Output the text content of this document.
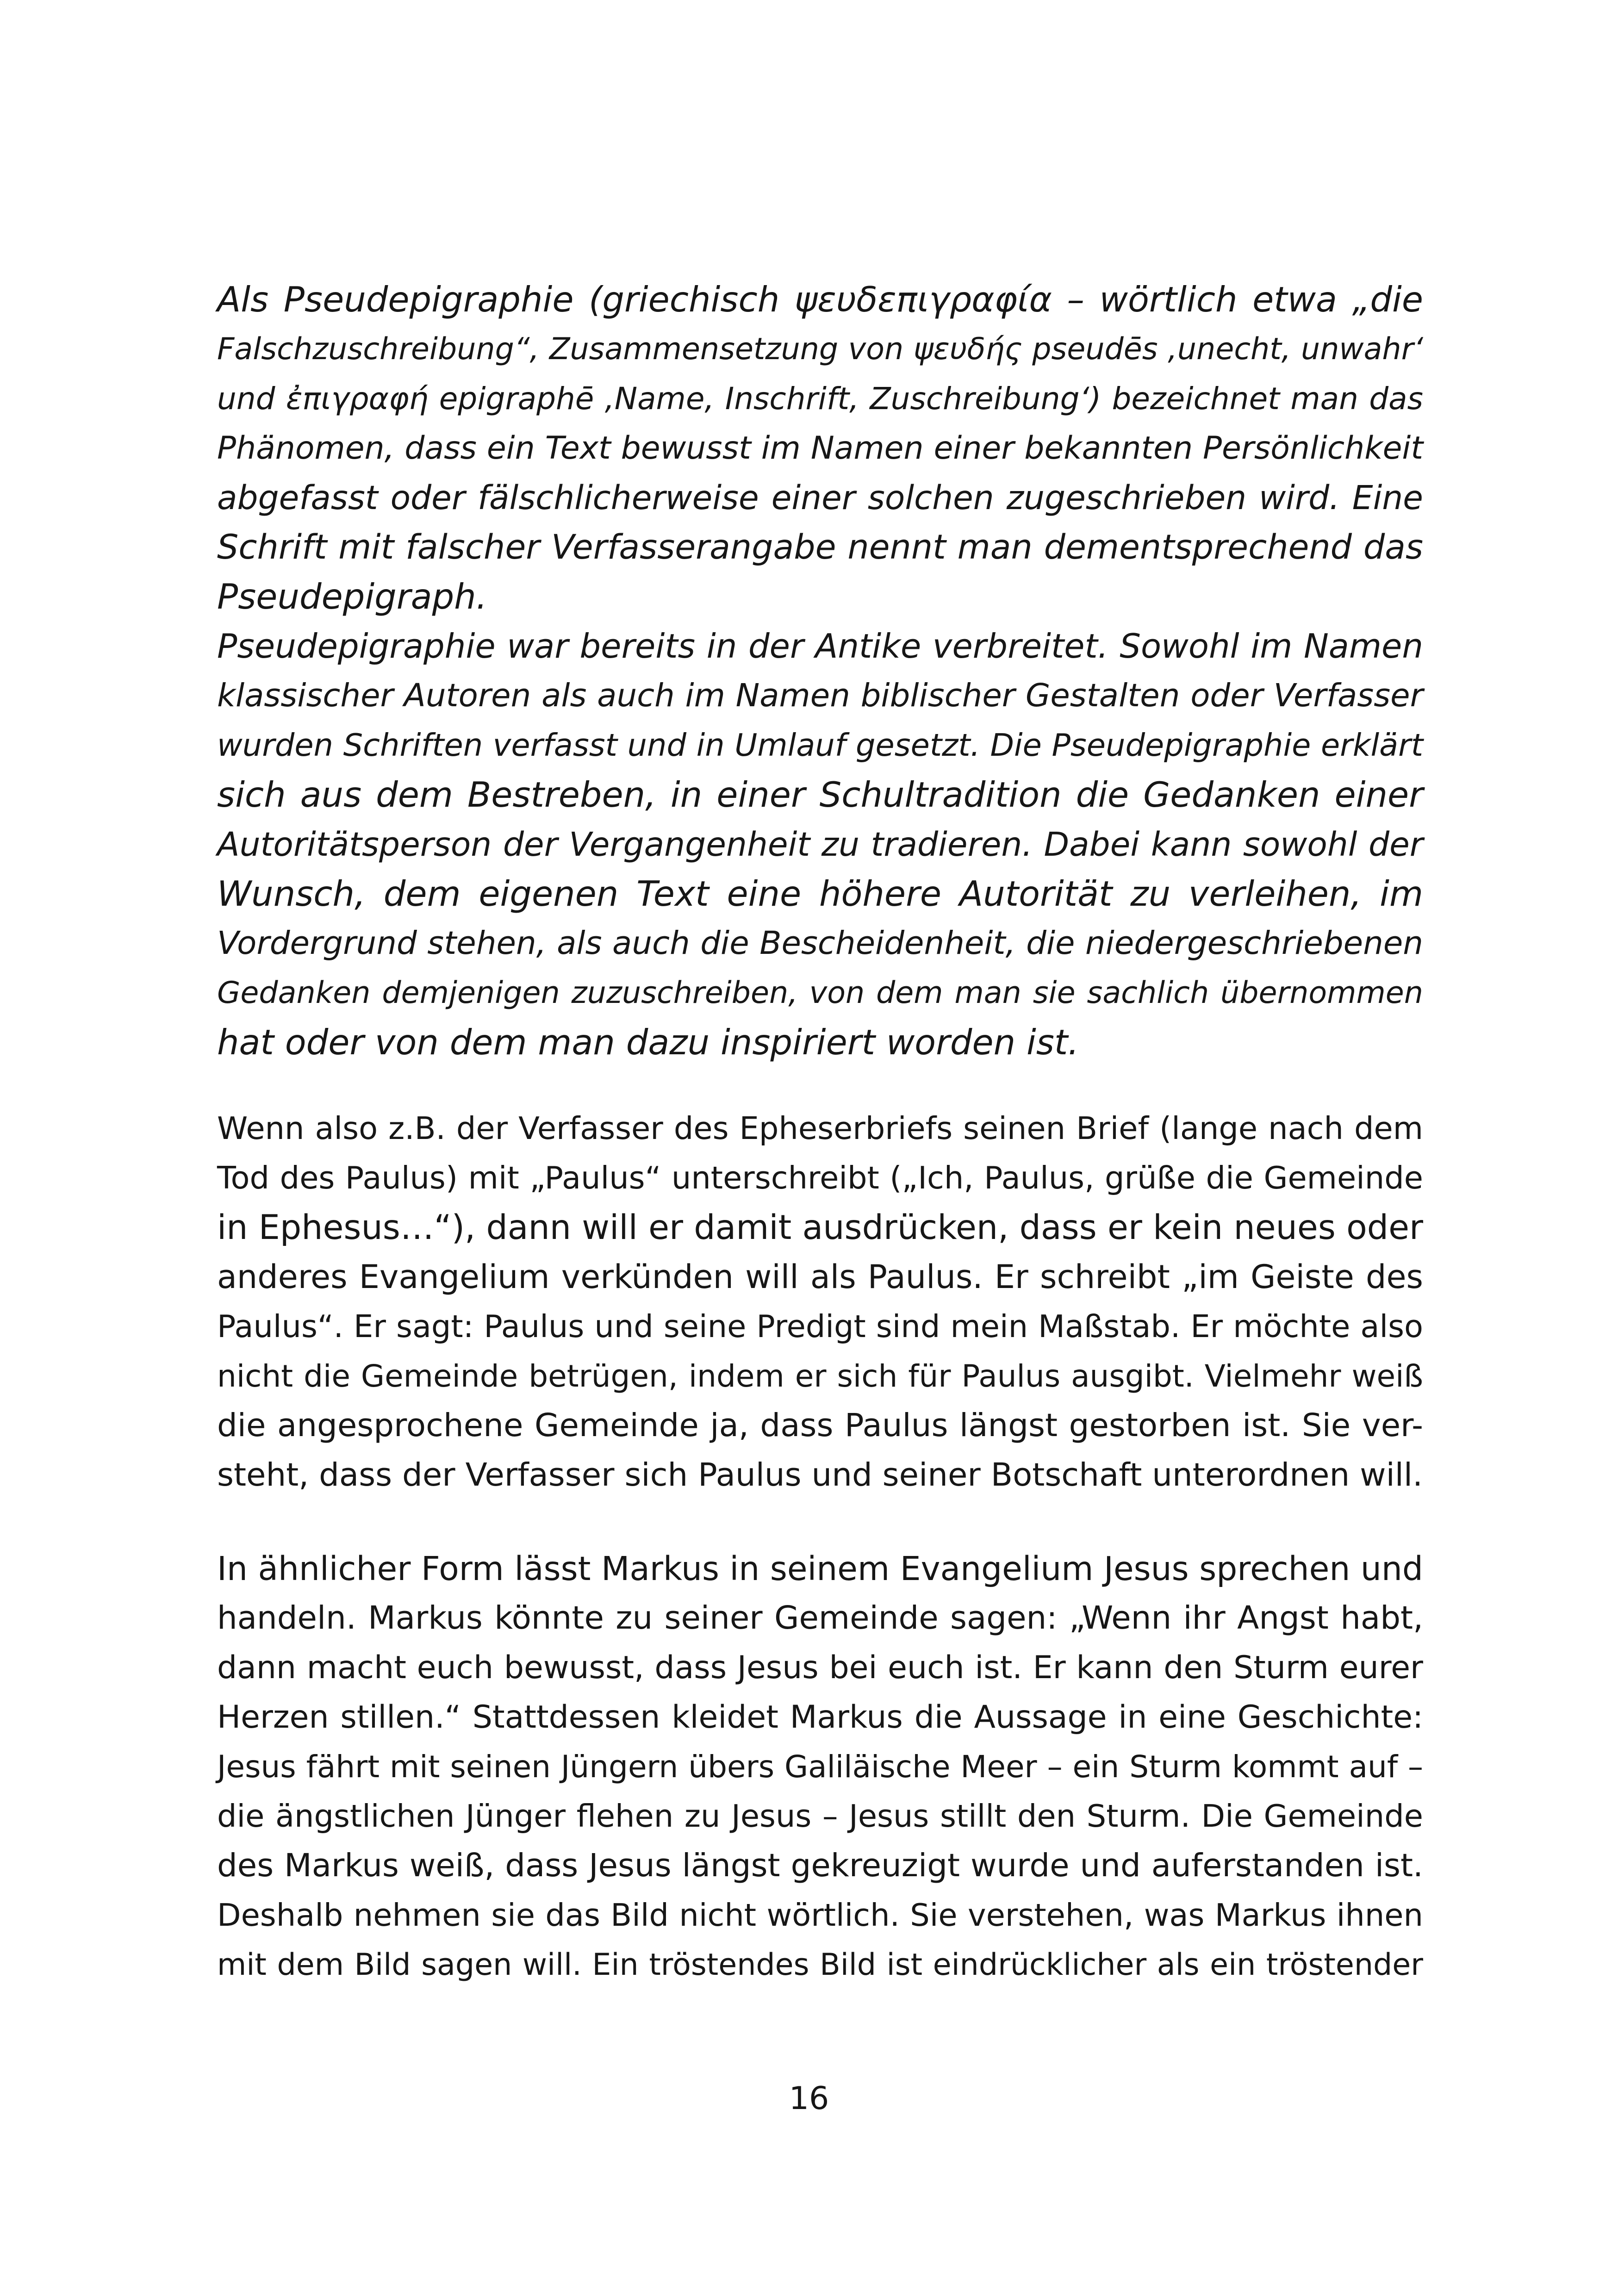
Als Pseudepigraphie (griechisch ψευδεπιγραφία – wörtlich etwa „die
Falschzuschreibung“, Zusammensetzung von ψευδής pseudēs ‚unecht, unwahr‘
und ἐπιγραφή epigraphē ‚Name, Inschrift, Zuschreibung‘) bezeichnet man das
Phänomen, dass ein Text bewusst im Namen einer bekannten Persönlichkeit
abgefasst oder fälschlicherweise einer solchen zugeschrieben wird. Eine
Schrift mit falscher Verfasserangabe nennt man dementsprechend das
Pseudepigraph.
Pseudepigraphie war bereits in der Antike verbreitet. Sowohl im Namen
klassischer Autoren als auch im Namen biblischer Gestalten oder Verfasser
wurden Schriften verfasst und in Umlauf gesetzt. Die Pseudepigraphie erklärt
sich aus dem Bestreben, in einer Schultradition die Gedanken einer
Autoritätsperson der Vergangenheit zu tradieren. Dabei kann sowohl der
Wunsch, dem eigenen Text eine höhere Autorität zu verleihen, im
Vordergrund stehen, als auch die Bescheidenheit, die niedergeschriebenen
Gedanken demjenigen zuzuschreiben, von dem man sie sachlich übernommen
hat oder von dem man dazu inspiriert worden ist.
Wenn also z.B. der Verfasser des Epheserbriefs seinen Brief (lange nach dem
Tod des Paulus) mit „Paulus“ unterschreibt („Ich, Paulus, grüße die Gemeinde
in Ephesus…“), dann will er damit ausdrücken, dass er kein neues oder
anderes Evangelium verkünden will als Paulus. Er schreibt „im Geiste des
Paulus“. Er sagt: Paulus und seine Predigt sind mein Maßstab. Er möchte also
nicht die Gemeinde betrügen, indem er sich für Paulus ausgibt. Vielmehr weiß
die angesprochene Gemeinde ja, dass Paulus längst gestorben ist. Sie ver-
steht, dass der Verfasser sich Paulus und seiner Botschaft unterordnen will.
In ähnlicher Form lässt Markus in seinem Evangelium Jesus sprechen und
handeln. Markus könnte zu seiner Gemeinde sagen: „Wenn ihr Angst habt,
dann macht euch bewusst, dass Jesus bei euch ist. Er kann den Sturm eurer
Herzen stillen.“ Stattdessen kleidet Markus die Aussage in eine Geschichte:
Jesus fährt mit seinen Jüngern übers Galiläische Meer – ein Sturm kommt auf –
die ängstlichen Jünger flehen zu Jesus – Jesus stillt den Sturm. Die Gemeinde
des Markus weiß, dass Jesus längst gekreuzigt wurde und auferstanden ist.
Deshalb nehmen sie das Bild nicht wörtlich. Sie verstehen, was Markus ihnen
mit dem Bild sagen will. Ein tröstendes Bild ist eindrücklicher als ein tröstender

16
